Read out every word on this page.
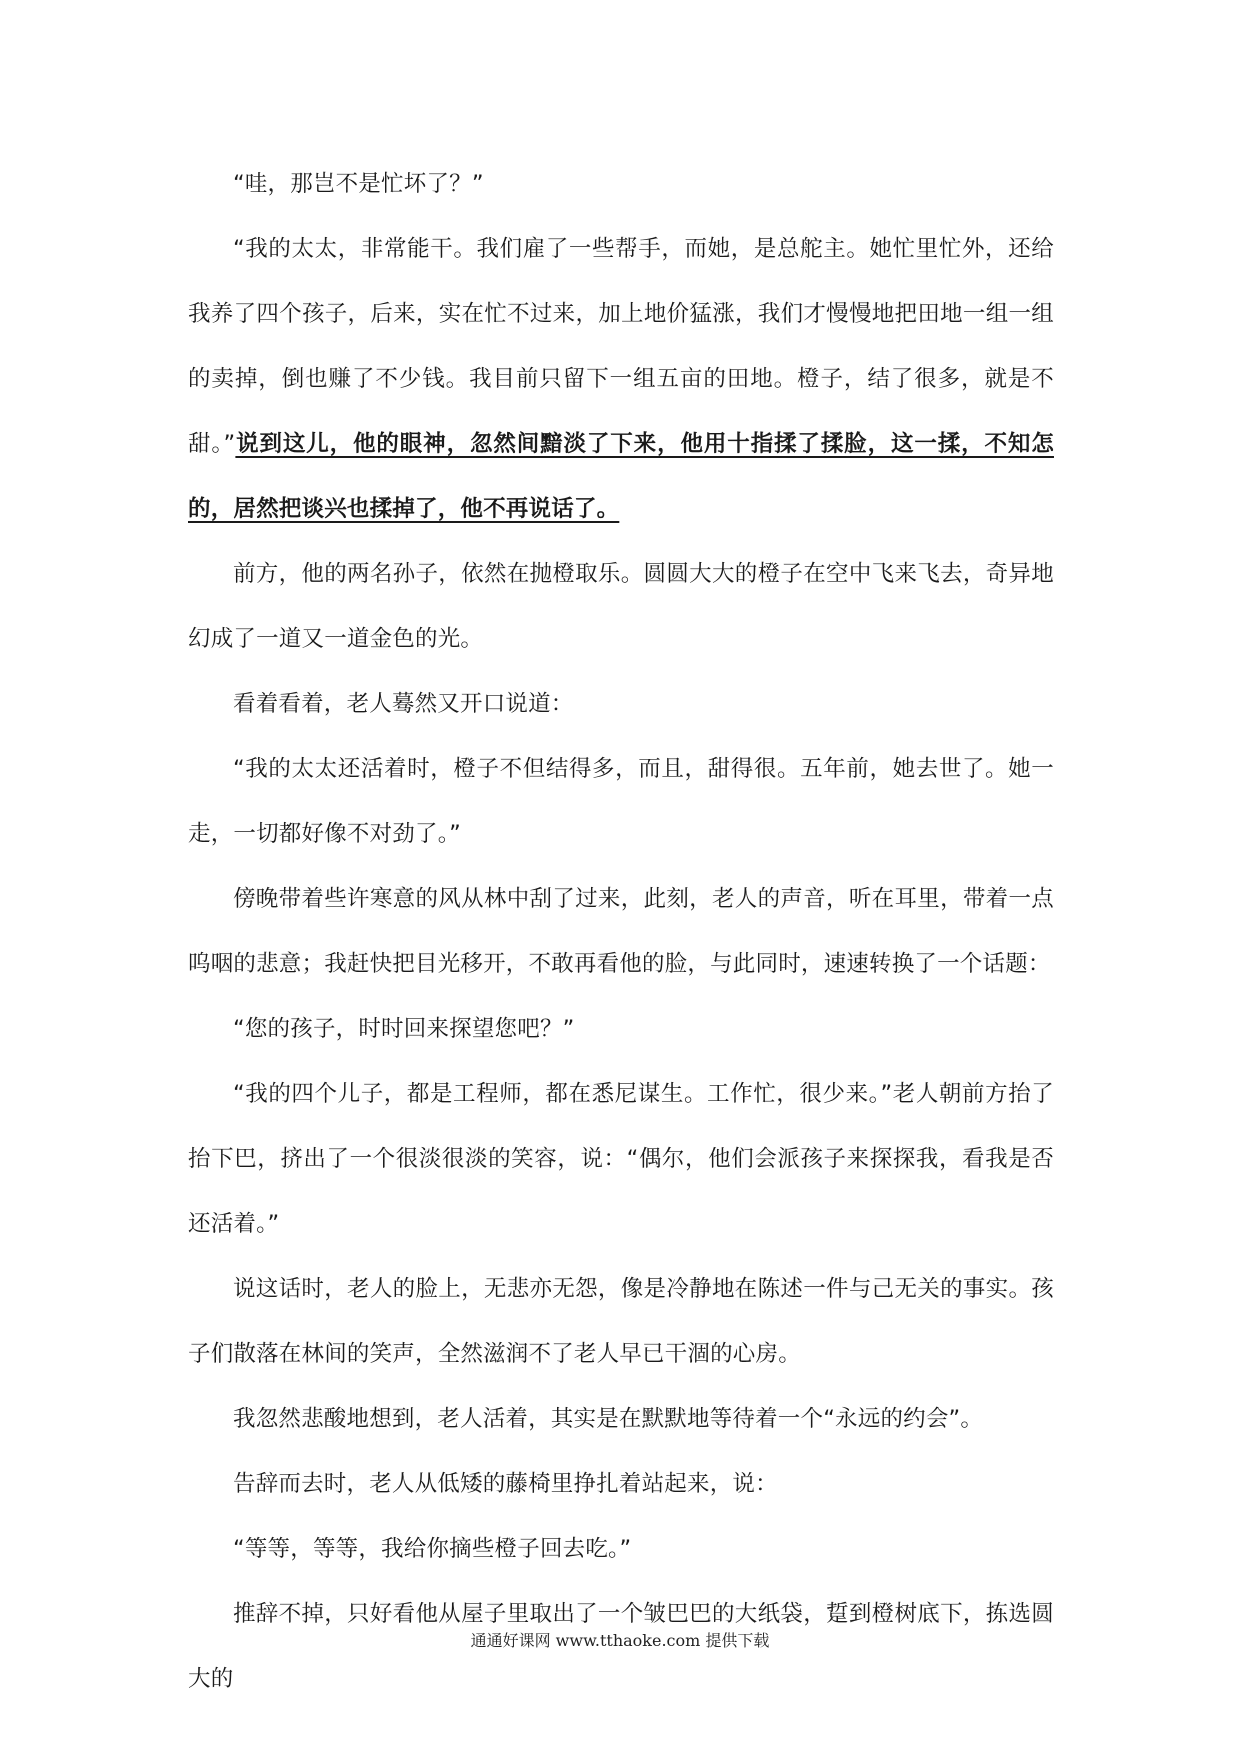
“哇，那岂不是忙坏了？”

“我的太太，非常能干。我们雇了一些帮手，而她，是总舵主。她忙里忙外，还给我养了四个孩子，后来，实在忙不过来，加上地价猛涨，我们才慢慢地把田地一组一组的卖掉，倒也赚了不少钱。我目前只留下一组五亩的田地。橙子，结了很多，就是不甜。”说到这儿，他的眼神，忽然间黯淡了下来，他用十指揉了揉脸，这一揉，不知怎的，居然把谈兴也揉掉了，他不再说话了。

前方，他的两名孙子，依然在抛橙取乐。圆圆大大的橙子在空中飞来飞去，奇异地幻成了一道又一道金色的光。

看着看着，老人蓦然又开口说道：

“我的太太还活着时，橙子不但结得多，而且，甜得很。五年前，她去世了。她一走，一切都好像不对劲了。”

傍晚带着些许寒意的风从林中刮了过来，此刻，老人的声音，听在耳里，带着一点呜咽的悲意；我赶快把目光移开，不敢再看他的脸，与此同时，速速转换了一个话题：

“您的孩子，时时回来探望您吧？”

“我的四个儿子，都是工程师，都在悉尼谋生。工作忙，很少来。”老人朝前方抬了抬下巴，挤出了一个很淡很淡的笑容，说：“偶尔，他们会派孩子来探探我，看我是否还活着。”

说这话时，老人的脸上，无悲亦无怨，像是冷静地在陈述一件与己无关的事实。孩子们散落在林间的笑声，全然滋润不了老人早已干涸的心房。

我忽然悲酸地想到，老人活着，其实是在默默地等待着一个“永远的约会”。

告辞而去时，老人从低矮的藤椅里挣扎着站起来，说：

“等等，等等，我给你摘些橙子回去吃。”

推辞不掉，只好看他从屋子里取出了一个皱巴巴的大纸袋，踅到橙树底下，拣选圆大的

通通好课网 www.tthaoke.com 提供下载
